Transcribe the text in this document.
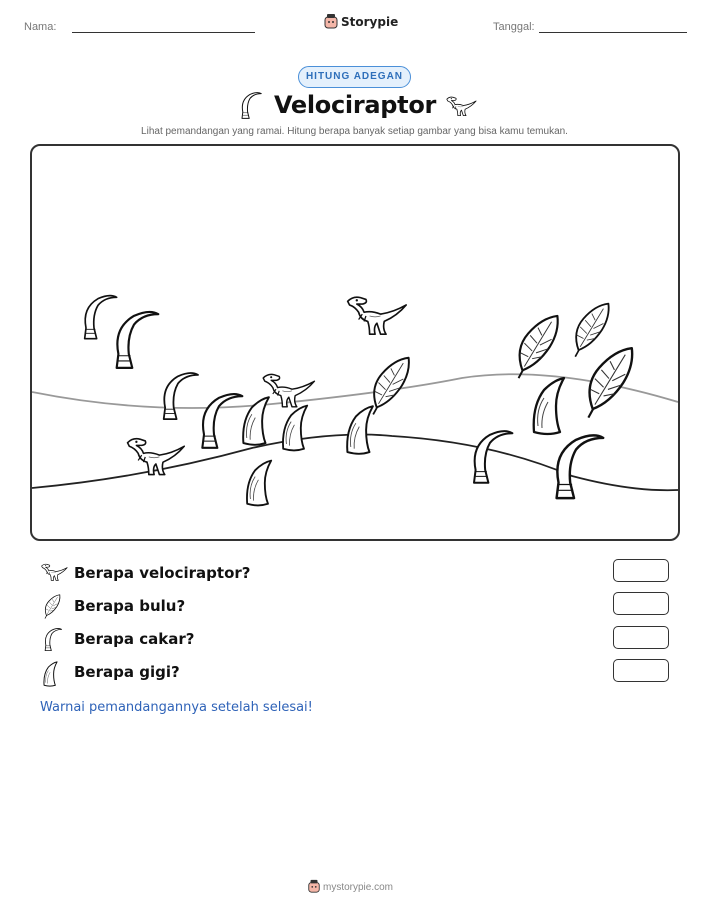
Nama:	Storypie	Tanggal:
HITUNG ADEGAN
Velociraptor
Lihat pemandangan yang ramai. Hitung berapa banyak setiap gambar yang bisa kamu temukan.
Berapa velociraptor?
Berapa bulu?
Berapa cakar?
Berapa gigi?
Warnai pemandangannya setelah selesai!
mystorypie.com
